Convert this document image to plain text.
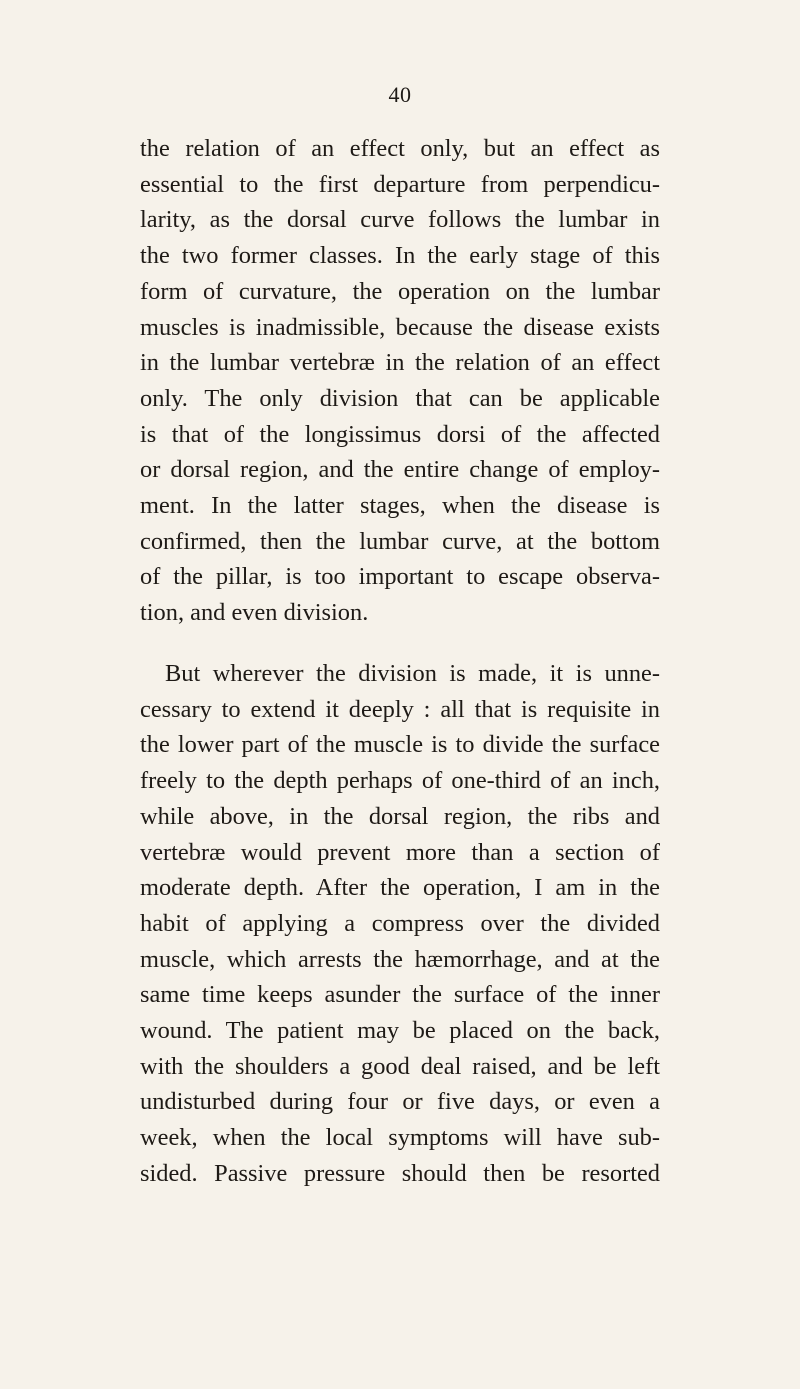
40
the relation of an effect only, but an effect as
essential to the first departure from perpendicu-
larity, as the dorsal curve follows the lumbar in
the two former classes. In the early stage of this
form of curvature, the operation on the lumbar
muscles is inadmissible, because the disease exists
in the lumbar vertebræ in the relation of an effect
only. The only division that can be applicable
is that of the longissimus dorsi of the affected
or dorsal region, and the entire change of employ-
ment. In the latter stages, when the disease is
confirmed, then the lumbar curve, at the bottom
of the pillar, is too important to escape observa-
tion, and even division.
But wherever the division is made, it is unne-
cessary to extend it deeply : all that is requisite in
the lower part of the muscle is to divide the surface
freely to the depth perhaps of one-third of an inch,
while above, in the dorsal region, the ribs and
vertebræ would prevent more than a section of
moderate depth. After the operation, I am in the
habit of applying a compress over the divided
muscle, which arrests the hæmorrhage, and at the
same time keeps asunder the surface of the inner
wound. The patient may be placed on the back,
with the shoulders a good deal raised, and be left
undisturbed during four or five days, or even a
week, when the local symptoms will have sub-
sided. Passive pressure should then be resorted
